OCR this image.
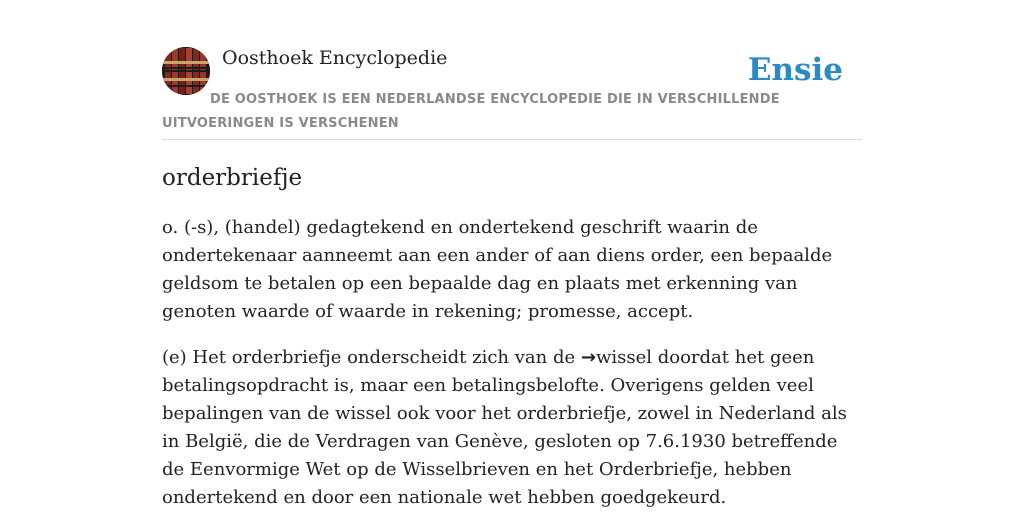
Oosthoek Encyclopedie	Ensie
DE OOSTHOEK IS EEN NEDERLANDSE ENCYCLOPEDIE DIE IN VERSCHILLENDE UITVOERINGEN IS VERSCHENEN
orderbriefje

o. (-s), (handel) gedagtekend en ondertekend geschrift waarin de ondertekenaar aanneemt aan een ander of aan diens order, een bepaalde geldsom te betalen op een bepaalde dag en plaats met erkenning van genoten waarde of waarde in rekening; promesse, accept.

(e) Het orderbriefje onderscheidt zich van de →wissel doordat het geen betalingsopdracht is, maar een betalingsbelofte. Overigens gelden veel bepalingen van de wissel ook voor het orderbriefje, zowel in Nederland als in België, die de Verdragen van Genève, gesloten op 7.6.1930 betreffende de Eenvormige Wet op de Wisselbrieven en het Orderbriefje, hebben ondertekend en door een nationale wet hebben goedgekeurd.
